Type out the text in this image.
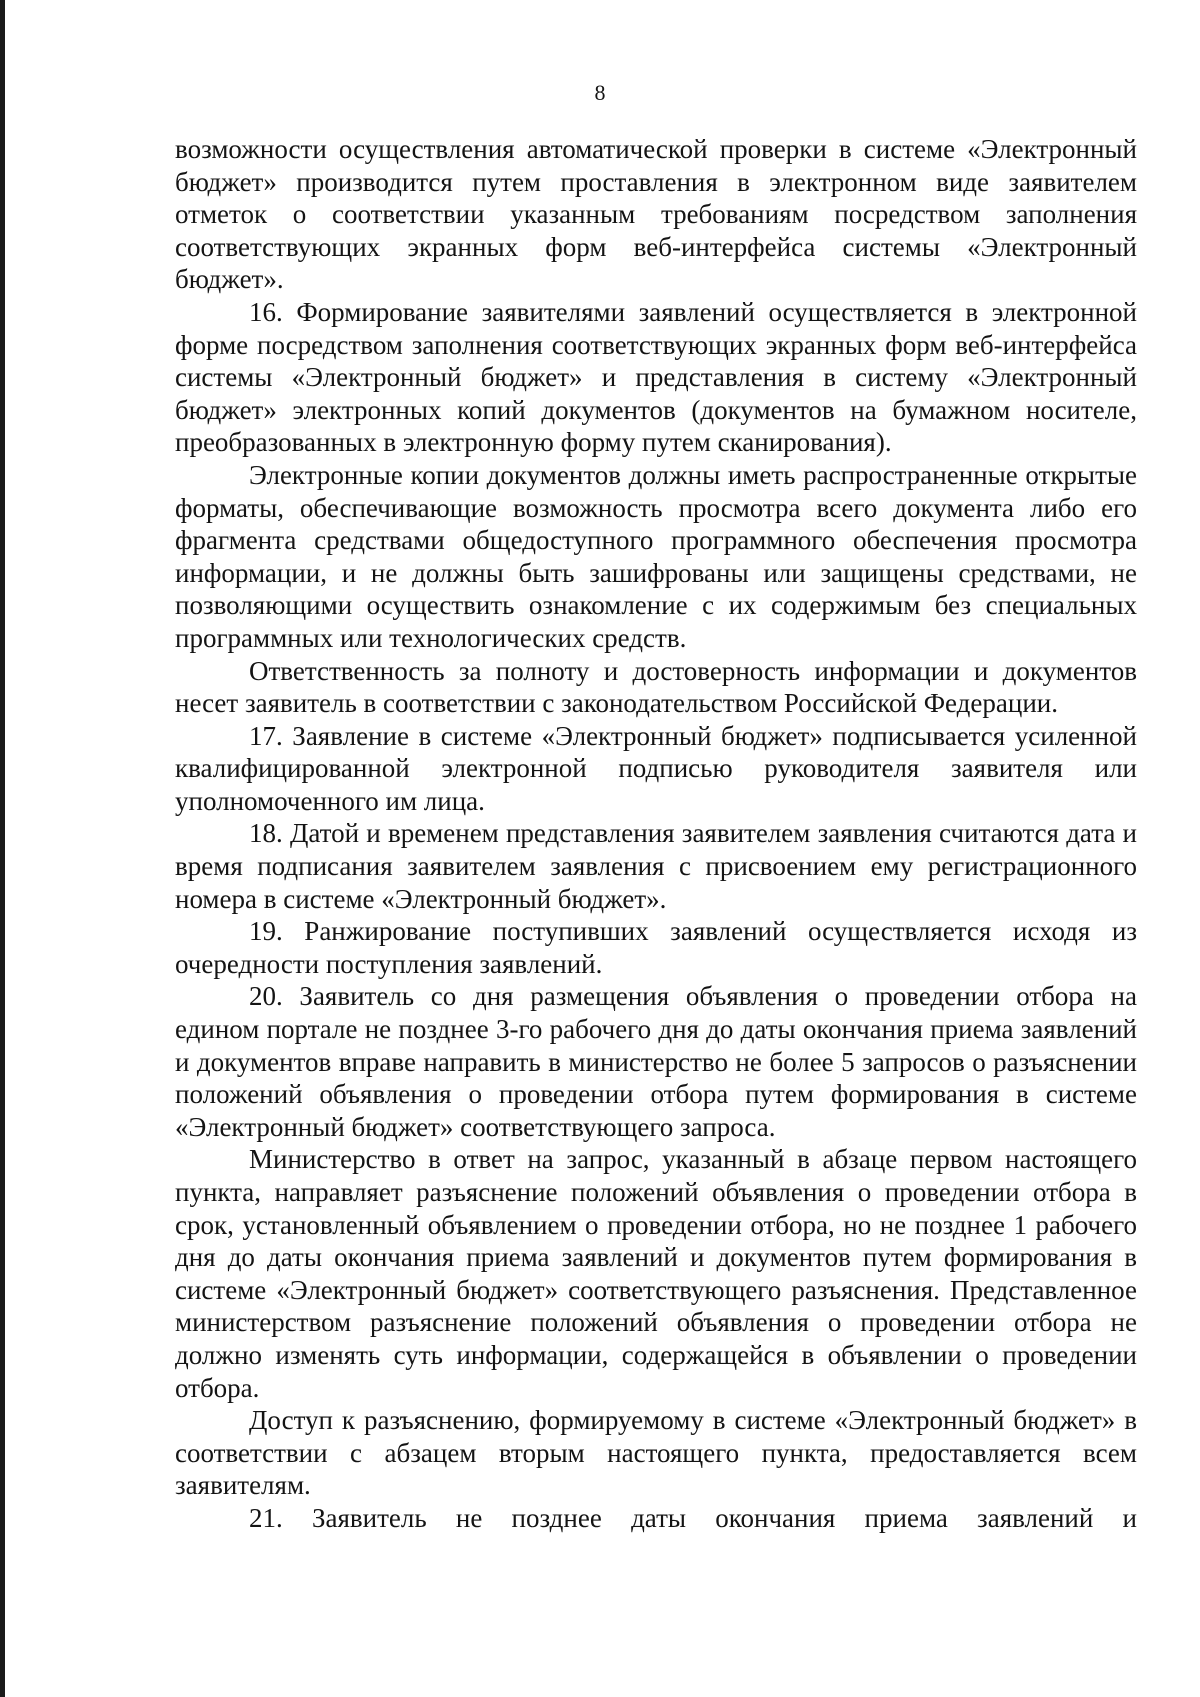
8

возможности осуществления автоматической проверки в системе «Электронный бюджет» производится путем проставления в электронном виде заявителем отметок о соответствии указанным требованиям посредством заполнения соответствующих экранных форм веб-интерфейса системы «Электронный бюджет».

16. Формирование заявителями заявлений осуществляется в электронной форме посредством заполнения соответствующих экранных форм веб-интерфейса системы «Электронный бюджет» и представления в систему «Электронный бюджет» электронных копий документов (документов на бумажном носителе, преобразованных в электронную форму путем сканирования).

Электронные копии документов должны иметь распространенные открытые форматы, обеспечивающие возможность просмотра всего документа либо его фрагмента средствами общедоступного программного обеспечения просмотра информации, и не должны быть зашифрованы или защищены средствами, не позволяющими осуществить ознакомление с их содержимым без специальных программных или технологических средств.

Ответственность за полноту и достоверность информации и документов несет заявитель в соответствии с законодательством Российской Федерации.

17. Заявление в системе «Электронный бюджет» подписывается усиленной квалифицированной электронной подписью руководителя заявителя или уполномоченного им лица.

18. Датой и временем представления заявителем заявления считаются дата и время подписания заявителем заявления с присвоением ему регистрационного номера в системе «Электронный бюджет».

19. Ранжирование поступивших заявлений осуществляется исходя из очередности поступления заявлений.

20. Заявитель со дня размещения объявления о проведении отбора на едином портале не позднее 3-го рабочего дня до даты окончания приема заявлений и документов вправе направить в министерство не более 5 запросов о разъяснении положений объявления о проведении отбора путем формирования в системе «Электронный бюджет» соответствующего запроса.

Министерство в ответ на запрос, указанный в абзаце первом настоящего пункта, направляет разъяснение положений объявления о проведении отбора в срок, установленный объявлением о проведении отбора, но не позднее 1 рабочего дня до даты окончания приема заявлений и документов путем формирования в системе «Электронный бюджет» соответствующего разъяснения. Представленное министерством разъяснение положений объявления о проведении отбора не должно изменять суть информации, содержащейся в объявлении о проведении отбора.

Доступ к разъяснению, формируемому в системе «Электронный бюджет» в соответствии с абзацем вторым настоящего пункта, предоставляется всем заявителям.

21. Заявитель не позднее даты окончания приема заявлений и
